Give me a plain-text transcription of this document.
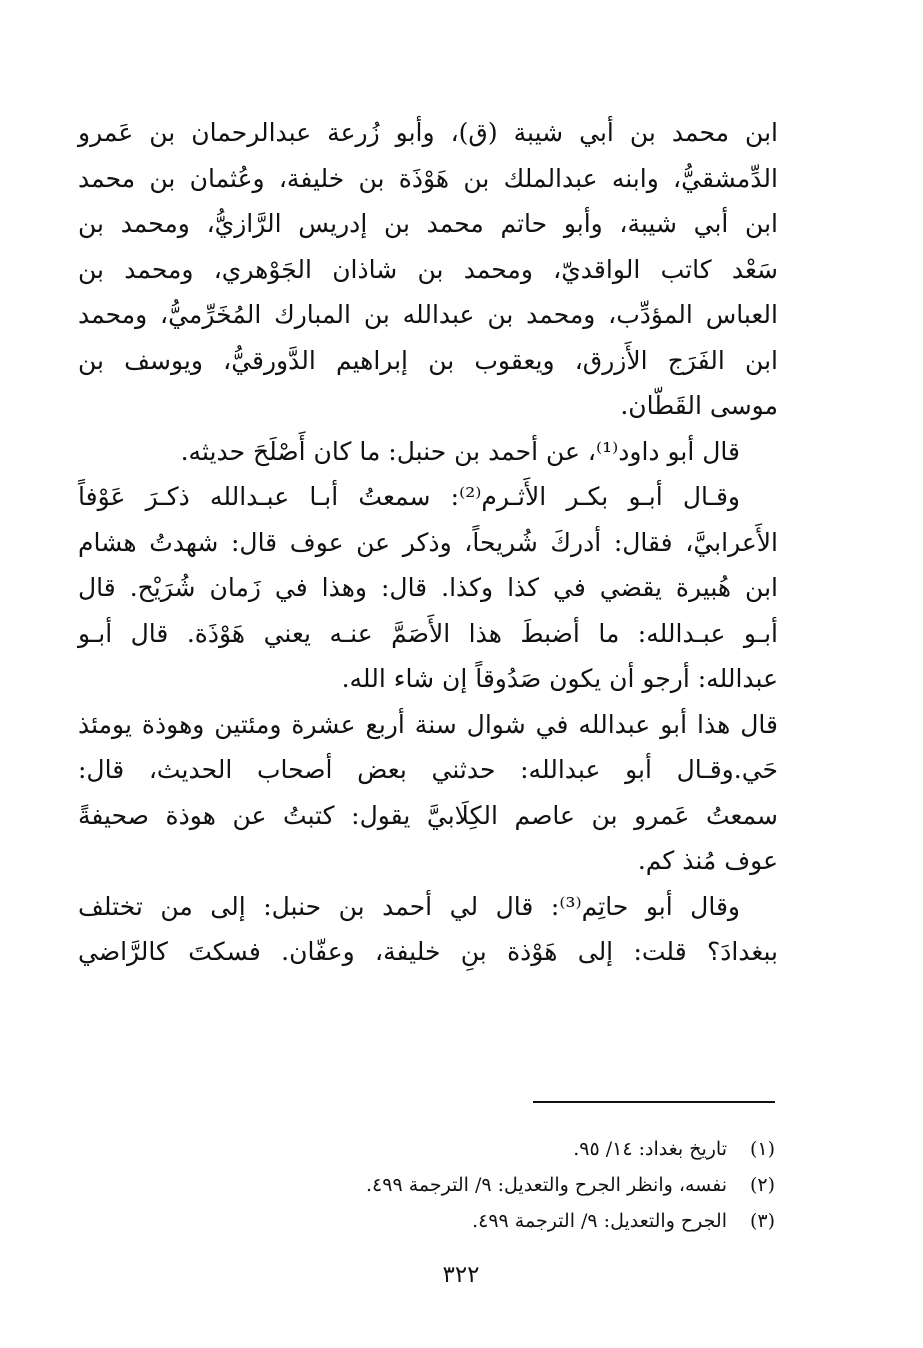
ابن محمد بن أبي شيبة (ق)، وأبو زُرعة عبدالرحمان بن عَمرو
الدِّمشقيُّ، وابنه عبدالملك بن هَوْذَة بن خليفة، وعُثمان بن محمد
ابن أبي شيبة، وأبو حاتم محمد بن إدريس الرَّازيُّ، ومحمد بن
سَعْد كاتب الواقديّ، ومحمد بن شاذان الجَوْهري، ومحمد بن
العباس المؤدِّب، ومحمد بن عبدالله بن المبارك المُخَرِّميُّ، ومحمد
ابن الفَرَج الأَزرق، ويعقوب بن إبراهيم الدَّورقيُّ، ويوسف بن
موسى القَطّان.
قال أبو داود⁽¹⁾، عن أحمد بن حنبل: ما كان أَصْلَحَ حديثه.
وقـال أبـو بكـر الأَثـرم⁽²⁾: سمعتُ أبـا عبـدالله ذكـرَ عَوْفاً
الأَعرابيَّ، فقال: أدركَ شُريحاً، وذكر عن عوف قال: شهدتُ هشام
ابن هُبيرة يقضي في كذا وكذا. قال: وهذا في زَمان شُرَيْح. قال
أبـو عبـدالله: ما أضبطَ هذا الأَصَمَّ عنـه يعني هَوْذَة. قال أبـو
عبدالله: أرجو أن يكون صَدُوقاً إن شاء الله.
قال هذا أبو عبدالله في شوال سنة أربع عشرة ومئتين وهوذة يومئذ
حَي.وقـال أبو عبدالله: حدثني بعض أصحاب الحديث، قال:
سمعتُ عَمرو بن عاصم الكِلَابيَّ يقول: كتبتُ عن هوذة صحيفةً
عوف مُنذ كم.
وقال أبو حاتِم⁽³⁾: قال لي أحمد بن حنبل: إلى من تختلف
ببغدادَ؟ قلت: إلى هَوْذة بنِ خليفة، وعفّان. فسكتَ كالرَّاضي
(١)تاريخ بغداد: ١٤/ ٩٥.
(٢)نفسه، وانظر الجرح والتعديل: ٩/ الترجمة ٤٩٩.
(٣)الجرح والتعديل: ٩/ الترجمة ٤٩٩.
٣٢٢
